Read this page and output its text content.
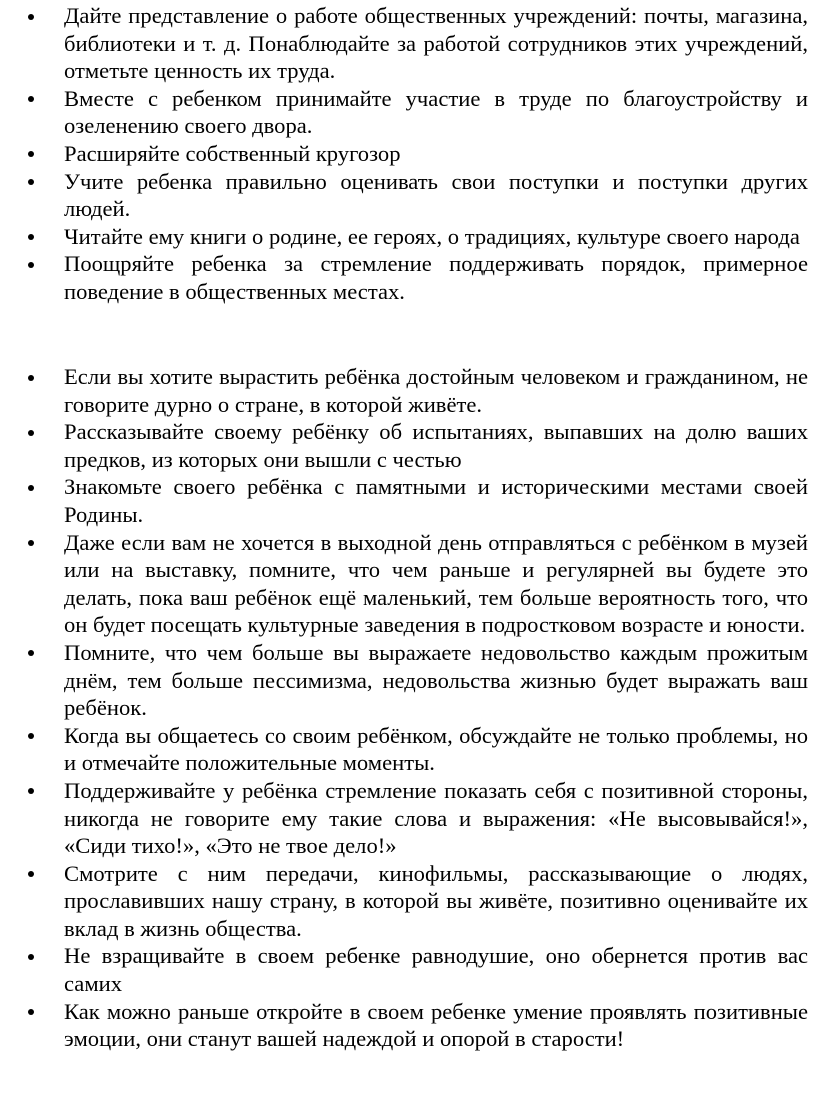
Дайте представление о работе общественных учреждений: почты, магазина, библиотеки и т. д. Понаблюдайте за работой сотрудников этих учреждений, отметьте ценность их труда.
Вместе с ребенком принимайте участие в труде по благоустройству и озеленению своего двора.
Расширяйте собственный кругозор
Учите ребенка правильно оценивать свои поступки и поступки других людей.
Читайте ему книги о родине, ее героях, о традициях, культуре своего народа
Поощряйте ребенка за стремление поддерживать порядок, примерное поведение в общественных местах.
Если вы хотите вырастить ребёнка достойным человеком и гражданином, не говорите дурно о стране, в которой живёте.
Рассказывайте своему ребёнку об испытаниях, выпавших на долю ваших предков, из которых они вышли с честью
Знакомьте своего ребёнка с памятными и историческими местами своей Родины.
Даже если вам не хочется в выходной день отправляться с ребёнком в музей или на выставку, помните, что чем раньше и регулярней вы будете это делать, пока ваш ребёнок ещё маленький, тем больше вероятность того, что он будет посещать культурные заведения в подростковом возрасте и юности.
Помните, что чем больше вы выражаете недовольство каждым прожитым днём, тем больше пессимизма, недовольства жизнью будет выражать ваш ребёнок.
Когда вы общаетесь со своим ребёнком, обсуждайте не только проблемы, но и отмечайте положительные моменты.
Поддерживайте у ребёнка стремление показать себя с позитивной стороны, никогда не говорите ему такие слова и выражения: «Не высовывайся!», «Сиди тихо!», «Это не твое дело!»
Смотрите с ним передачи, кинофильмы, рассказывающие о людях, прославивших нашу страну, в которой вы живёте, позитивно оценивайте их вклад в жизнь общества.
Не взращивайте в своем ребенке равнодушие, оно обернется против вас самих
Как можно раньше откройте в своем ребенке умение проявлять позитивные эмоции, они станут вашей надеждой и опорой в старости!
